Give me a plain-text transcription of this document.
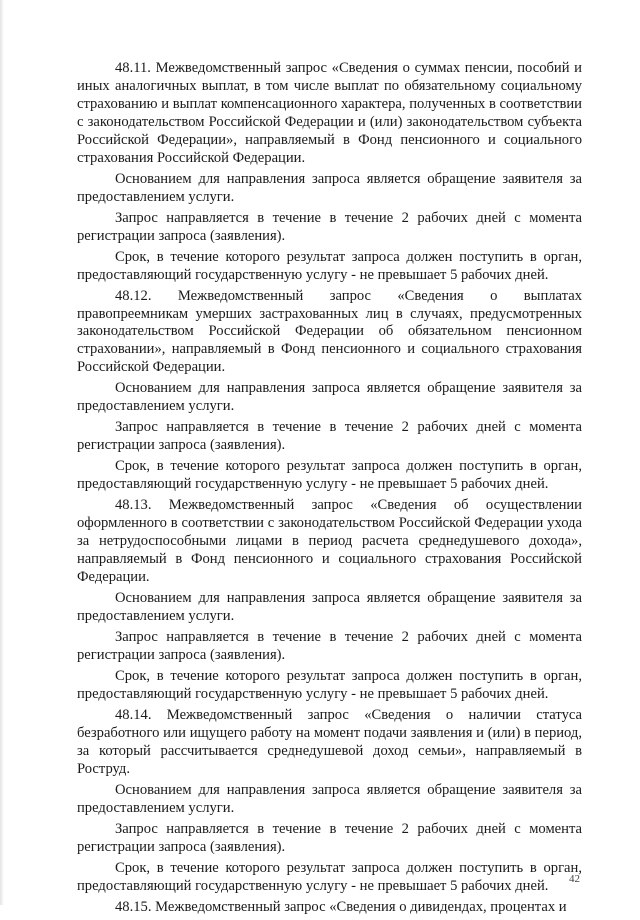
48.11. Межведомственный запрос «Сведения о суммах пенсии, пособий и иных аналогичных выплат, в том числе выплат по обязательному социальному страхованию и выплат компенсационного характера, полученных в соответствии с законодательством Российской Федерации и (или) законодательством субъекта Российской Федерации», направляемый в Фонд пенсионного и социального страхования Российской Федерации.

Основанием для направления запроса является обращение заявителя за предоставлением услуги.

Запрос направляется в течение в течение 2 рабочих дней с момента регистрации запроса (заявления).

Срок, в течение которого результат запроса должен поступить в орган, предоставляющий государственную услугу - не превышает 5 рабочих дней.

48.12. Межведомственный запрос «Сведения о выплатах правопреемникам умерших застрахованных лиц в случаях, предусмотренных законодательством Российской Федерации об обязательном пенсионном страховании», направляемый в Фонд пенсионного и социального страхования Российской Федерации.

Основанием для направления запроса является обращение заявителя за предоставлением услуги.

Запрос направляется в течение в течение 2 рабочих дней с момента регистрации запроса (заявления).

Срок, в течение которого результат запроса должен поступить в орган, предоставляющий государственную услугу - не превышает 5 рабочих дней.

48.13. Межведомственный запрос «Сведения об осуществлении оформленного в соответствии с законодательством Российской Федерации ухода за нетрудоспособными лицами в период расчета среднедушевого дохода», направляемый в Фонд пенсионного и социального страхования Российской Федерации.

Основанием для направления запроса является обращение заявителя за предоставлением услуги.

Запрос направляется в течение в течение 2 рабочих дней с момента регистрации запроса (заявления).

Срок, в течение которого результат запроса должен поступить в орган, предоставляющий государственную услугу - не превышает 5 рабочих дней.

48.14. Межведомственный запрос «Сведения о наличии статуса безработного или ищущего работу на момент подачи заявления и (или) в период, за который рассчитывается среднедушевой доход семьи», направляемый в Роструд.

Основанием для направления запроса является обращение заявителя за предоставлением услуги.

Запрос направляется в течение в течение 2 рабочих дней с момента регистрации запроса (заявления).

Срок, в течение которого результат запроса должен поступить в орган, предоставляющий государственную услугу - не превышает 5 рабочих дней.

48.15. Межведомственный запрос «Сведения о дивидендах, процентах и

42
